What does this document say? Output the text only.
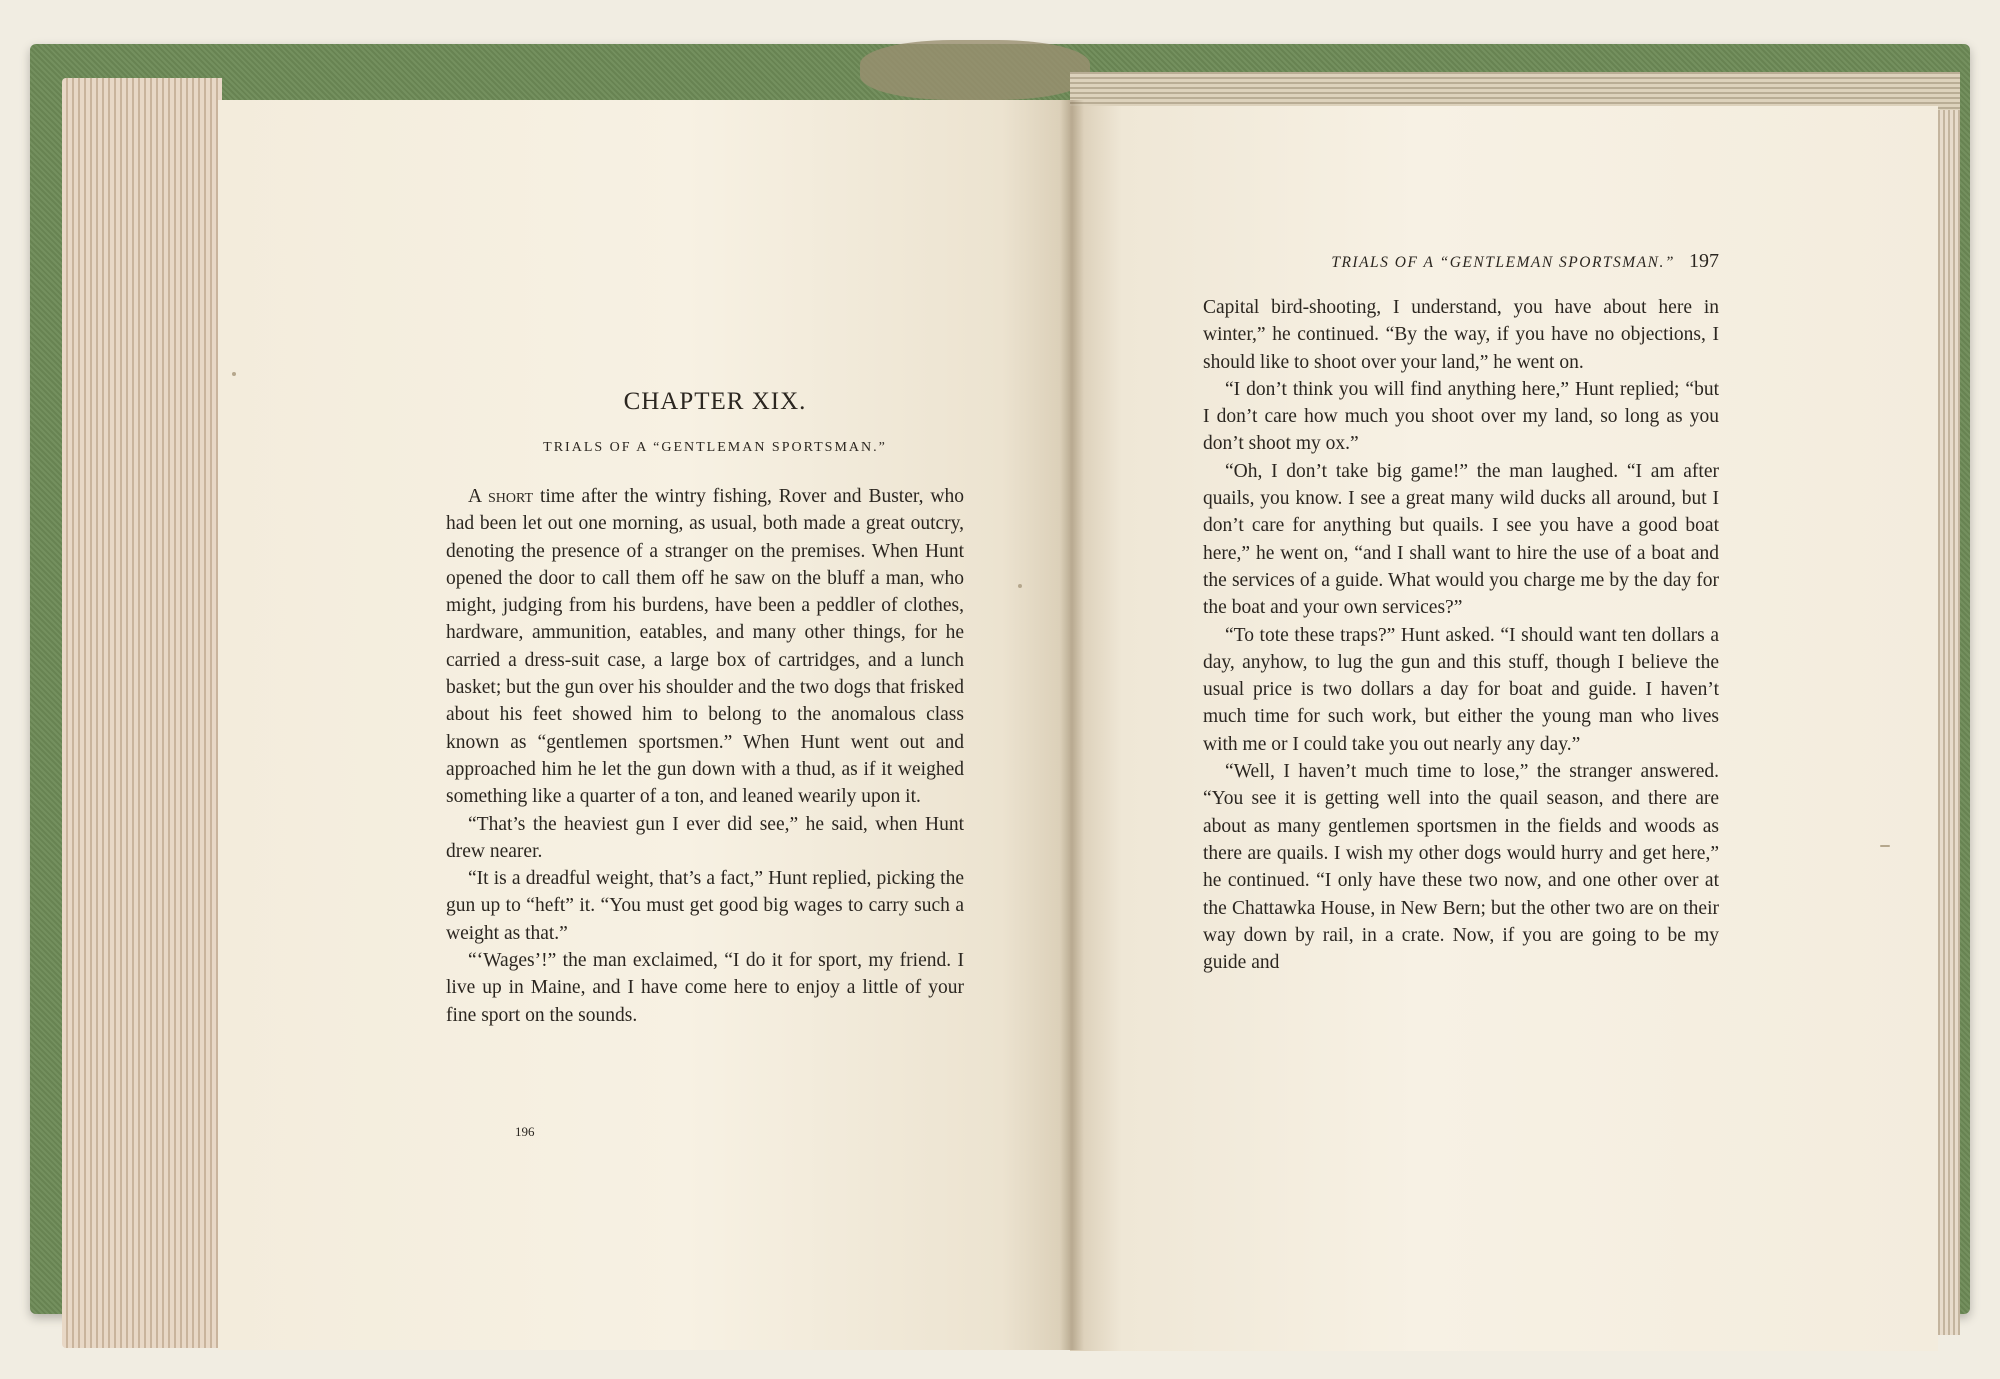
CHAPTER XIX.
TRIALS OF A “GENTLEMAN SPORTSMAN.”

A short time after the wintry fishing, Rover and Buster, who had been let out one morning, as usual, both made a great outcry, denoting the presence of a stranger on the premises. When Hunt opened the door to call them off he saw on the bluff a man, who might, judging from his burdens, have been a peddler of clothes, hardware, ammunition, eatables, and many other things, for he carried a dress-suit case, a large box of cartridges, and a lunch basket; but the gun over his shoulder and the two dogs that frisked about his feet showed him to belong to the anomalous class known as “gentlemen sportsmen.” When Hunt went out and approached him he let the gun down with a thud, as if it weighed something like a quarter of a ton, and leaned wearily upon it.

“That’s the heaviest gun I ever did see,” he said, when Hunt drew nearer.

“It is a dreadful weight, that’s a fact,” Hunt replied, picking the gun up to “heft” it. “You must get good big wages to carry such a weight as that.”

“‘Wages’!” the man exclaimed, “I do it for sport, my friend. I live up in Maine, and I have come here to enjoy a little of your fine sport on the sounds.

196
TRIALS OF A “GENTLEMAN SPORTSMAN.” 197

Capital bird-shooting, I understand, you have about here in winter,” he continued. “By the way, if you have no objections, I should like to shoot over your land,” he went on.

“I don’t think you will find anything here,” Hunt replied; “but I don’t care how much you shoot over my land, so long as you don’t shoot my ox.”

“Oh, I don’t take big game!” the man laughed. “I am after quails, you know. I see a great many wild ducks all around, but I don’t care for anything but quails. I see you have a good boat here,” he went on, “and I shall want to hire the use of a boat and the services of a guide. What would you charge me by the day for the boat and your own services?”

“To tote these traps?” Hunt asked. “I should want ten dollars a day, anyhow, to lug the gun and this stuff, though I believe the usual price is two dollars a day for boat and guide. I haven’t much time for such work, but either the young man who lives with me or I could take you out nearly any day.”

“Well, I haven’t much time to lose,” the stranger answered. “You see it is getting well into the quail season, and there are about as many gentlemen sportsmen in the fields and woods as there are quails. I wish my other dogs would hurry and get here,” he continued. “I only have these two now, and one other over at the Chattawka House, in New Bern; but the other two are on their way down by rail, in a crate. Now, if you are going to be my guide and
